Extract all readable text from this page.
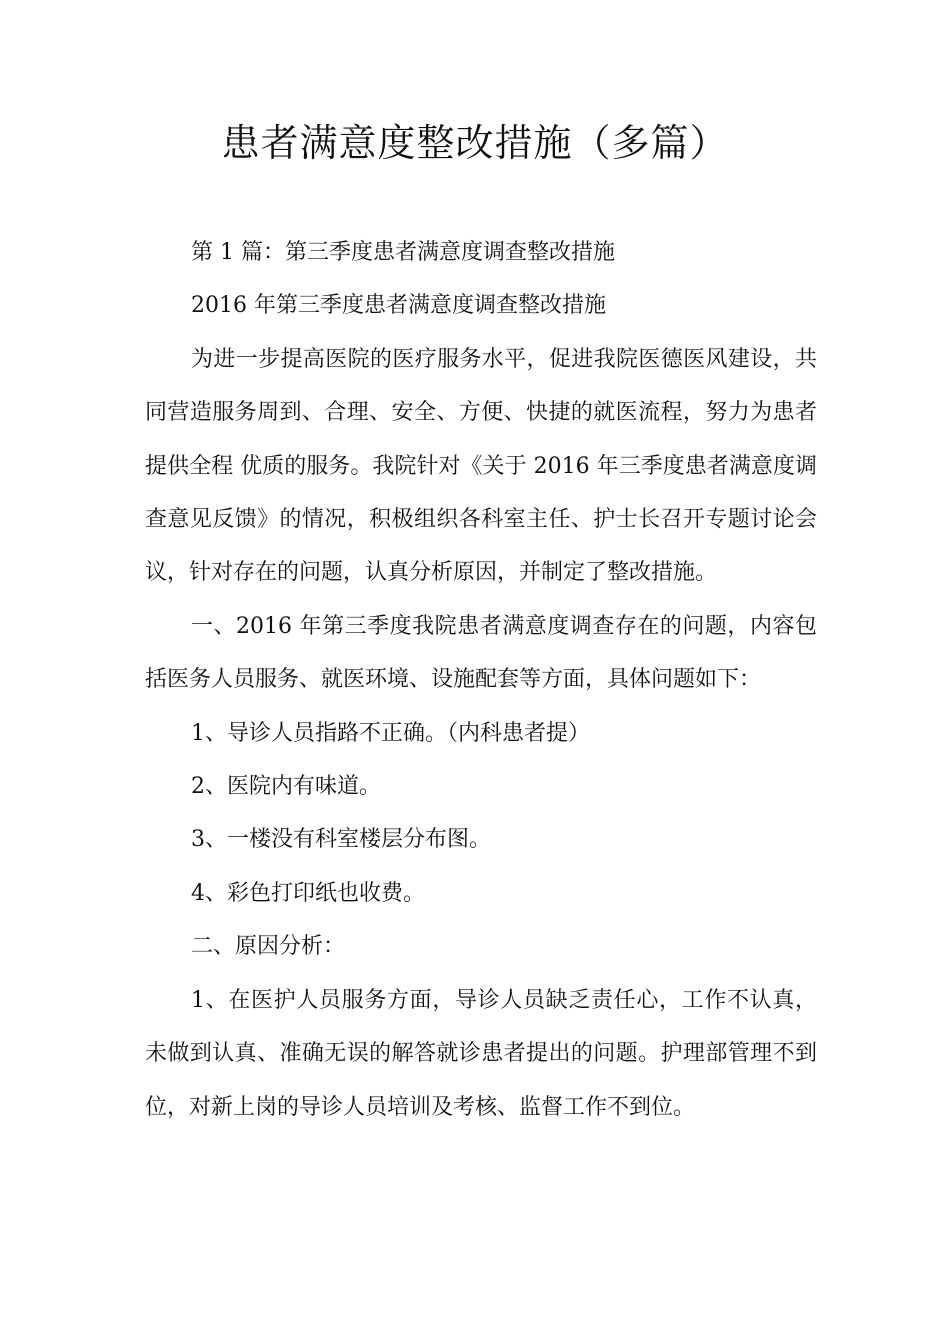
患者满意度整改措施（多篇）

第 1 篇：第三季度患者满意度调查整改措施

2016 年第三季度患者满意度调查整改措施

为进一步提高医院的医疗服务水平，促进我院医德医风建设，共同营造服务周到、合理、安全、方便、快捷的就医流程，努力为患者提供全程 优质的服务。我院针对《关于 2016 年三季度患者满意度调查意见反馈》的情况，积极组织各科室主任、护士长召开专题讨论会议，针对存在的问题，认真分析原因，并制定了整改措施。

一、2016 年第三季度我院患者满意度调查存在的问题，内容包括医务人员服务、就医环境、设施配套等方面，具体问题如下：

1、导诊人员指路不正确。（内科患者提）

2、医院内有味道。

3、一楼没有科室楼层分布图。

4、彩色打印纸也收费。

二、原因分析：

1、在医护人员服务方面，导诊人员缺乏责任心，工作不认真，未做到认真、准确无误的解答就诊患者提出的问题。护理部管理不到位，对新上岗的导诊人员培训及考核、监督工作不到位。
